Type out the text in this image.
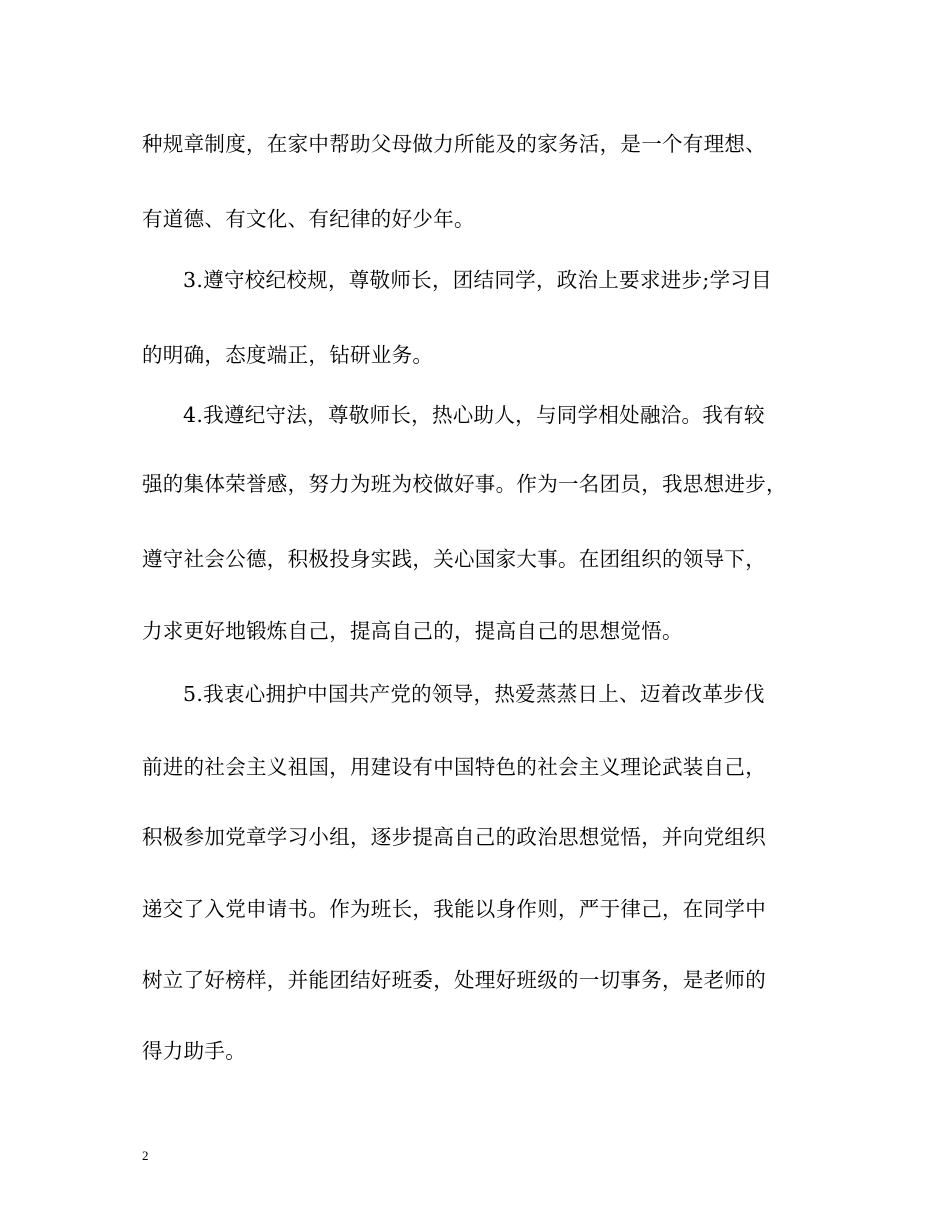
种规章制度，在家中帮助父母做力所能及的家务活，是一个有理想、
有道德、有文化、有纪律的好少年。
3.遵守校纪校规，尊敬师长，团结同学，政治上要求进步;学习目
的明确，态度端正，钻研业务。
4.我遵纪守法，尊敬师长，热心助人，与同学相处融洽。我有较
强的集体荣誉感，努力为班为校做好事。作为一名团员，我思想进步，
遵守社会公德，积极投身实践，关心国家大事。在团组织的领导下，
力求更好地锻炼自己，提高自己的，提高自己的思想觉悟。
5.我衷心拥护中国共产党的领导，热爱蒸蒸日上、迈着改革步伐
前进的社会主义祖国，用建设有中国特色的社会主义理论武装自己，
积极参加党章学习小组，逐步提高自己的政治思想觉悟，并向党组织
递交了入党申请书。作为班长，我能以身作则，严于律己，在同学中
树立了好榜样，并能团结好班委，处理好班级的一切事务，是老师的
得力助手。
2
